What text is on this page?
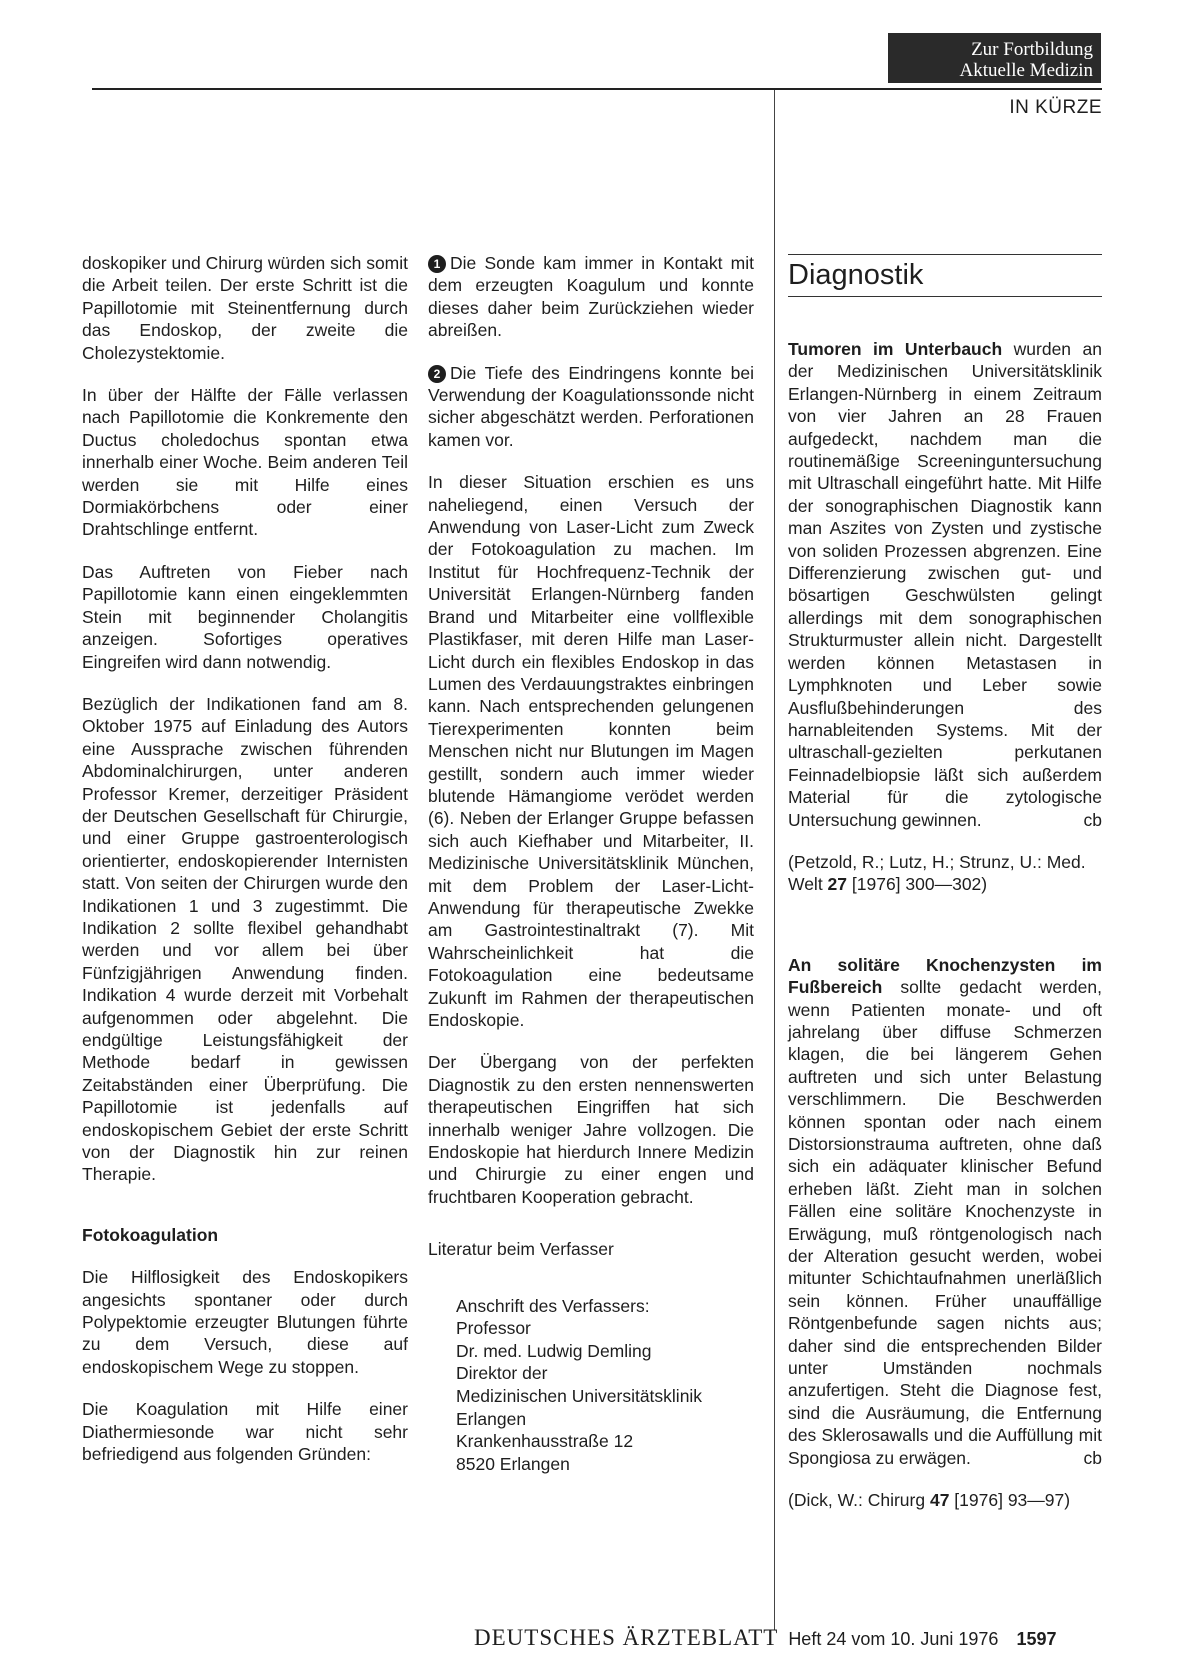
Zur Fortbildung
Aktuelle Medizin
IN KÜRZE

doskopiker und Chirurg würden sich somit die Arbeit teilen. Der erste Schritt ist die Papillotomie mit Steinentfernung durch das Endoskop, der zweite die Cholezystektomie.

In über der Hälfte der Fälle verlassen nach Papillotomie die Konkremente den Ductus choledochus spontan etwa innerhalb einer Woche. Beim anderen Teil werden sie mit Hilfe eines Dormiakörbchens oder einer Drahtschlinge entfernt.

Das Auftreten von Fieber nach Papillotomie kann einen eingeklemmten Stein mit beginnender Cholangitis anzeigen. Sofortiges operatives Eingreifen wird dann notwendig.

Bezüglich der Indikationen fand am 8. Oktober 1975 auf Einladung des Autors eine Aussprache zwischen führenden Abdominalchirurgen, unter anderen Professor Kremer, derzeitiger Präsident der Deutschen Gesellschaft für Chirurgie, und einer Gruppe gastroenterologisch orientierter, endoskopierender Internisten statt. Von seiten der Chirurgen wurde den Indikationen 1 und 3 zugestimmt. Die Indikation 2 sollte flexibel gehandhabt werden und vor allem bei über Fünfzigjährigen Anwendung finden. Indikation 4 wurde derzeit mit Vorbehalt aufgenommen oder abgelehnt. Die endgültige Leistungsfähigkeit der Methode bedarf in gewissen Zeitabständen einer Überprüfung. Die Papillotomie ist jedenfalls auf endoskopischem Gebiet der erste Schritt von der Diagnostik hin zur reinen Therapie.

Fotokoagulation

Die Hilflosigkeit des Endoskopikers angesichts spontaner oder durch Polypektomie erzeugter Blutungen führte zu dem Versuch, diese auf endoskopischem Wege zu stoppen.

Die Koagulation mit Hilfe einer Diathermiesonde war nicht sehr befriedigend aus folgenden Gründen:

1 Die Sonde kam immer in Kontakt mit dem erzeugten Koagulum und konnte dieses daher beim Zurückziehen wieder abreißen.

2 Die Tiefe des Eindringens konnte bei Verwendung der Koagulationssonde nicht sicher abgeschätzt werden. Perforationen kamen vor.

In dieser Situation erschien es uns naheliegend, einen Versuch der Anwendung von Laser-Licht zum Zweck der Fotokoagulation zu machen. Im Institut für Hochfrequenz-Technik der Universität Erlangen-Nürnberg fanden Brand und Mitarbeiter eine vollflexible Plastikfaser, mit deren Hilfe man Laser-Licht durch ein flexibles Endoskop in das Lumen des Verdauungstraktes einbringen kann. Nach entsprechenden gelungenen Tierexperimenten konnten beim Menschen nicht nur Blutungen im Magen gestillt, sondern auch immer wieder blutende Hämangiome verödet werden (6). Neben der Erlanger Gruppe befassen sich auch Kiefhaber und Mitarbeiter, II. Medizinische Universitätsklinik München, mit dem Problem der Laser-Licht-Anwendung für therapeutische Zwekke am Gastrointestinaltrakt (7). Mit Wahrscheinlichkeit hat die Fotokoagulation eine bedeutsame Zukunft im Rahmen der therapeutischen Endoskopie.

Der Übergang von der perfekten Diagnostik zu den ersten nennenswerten therapeutischen Eingriffen hat sich innerhalb weniger Jahre vollzogen. Die Endoskopie hat hierdurch Innere Medizin und Chirurgie zu einer engen und fruchtbaren Kooperation gebracht.

Literatur beim Verfasser

Anschrift des Verfassers:
Professor
Dr. med. Ludwig Demling
Direktor der
Medizinischen Universitätsklinik
Erlangen
Krankenhausstraße 12
8520 Erlangen
Diagnostik

Tumoren im Unterbauch wurden an der Medizinischen Universitätsklinik Erlangen-Nürnberg in einem Zeitraum von vier Jahren an 28 Frauen aufgedeckt, nachdem man die routinemäßige Screeninguntersuchung mit Ultraschall eingeführt hatte. Mit Hilfe der sonographischen Diagnostik kann man Aszites von Zysten und zystische von soliden Prozessen abgrenzen. Eine Differenzierung zwischen gut- und bösartigen Geschwülsten gelingt allerdings mit dem sonographischen Strukturmuster allein nicht. Dargestellt werden können Metastasen in Lymphknoten und Leber sowie Ausflußbehinderungen des harnableitenden Systems. Mit der ultraschall-gezielten perkutanen Feinnadelbiopsie läßt sich außerdem Material für die zytologische Untersuchung gewinnen.	cb

(Petzold, R.; Lutz, H.; Strunz, U.: Med. Welt 27 [1976] 300—302)

An solitäre Knochenzysten im Fußbereich sollte gedacht werden, wenn Patienten monate- und oft jahrelang über diffuse Schmerzen klagen, die bei längerem Gehen auftreten und sich unter Belastung verschlimmern. Die Beschwerden können spontan oder nach einem Distorsionstrauma auftreten, ohne daß sich ein adäquater klinischer Befund erheben läßt. Zieht man in solchen Fällen eine solitäre Knochenzyste in Erwägung, muß röntgenologisch nach der Alteration gesucht werden, wobei mitunter Schichtaufnahmen unerläßlich sein können. Früher unauffällige Röntgenbefunde sagen nichts aus; daher sind die entsprechenden Bilder unter Umständen nochmals anzufertigen. Steht die Diagnose fest, sind die Ausräumung, die Entfernung des Sklerosawalls und die Auffüllung mit Spongiosa zu erwägen.	cb

(Dick, W.: Chirurg 47 [1976] 93—97)

DEUTSCHES ÄRZTEBLATT Heft 24 vom 10. Juni 1976 1597
